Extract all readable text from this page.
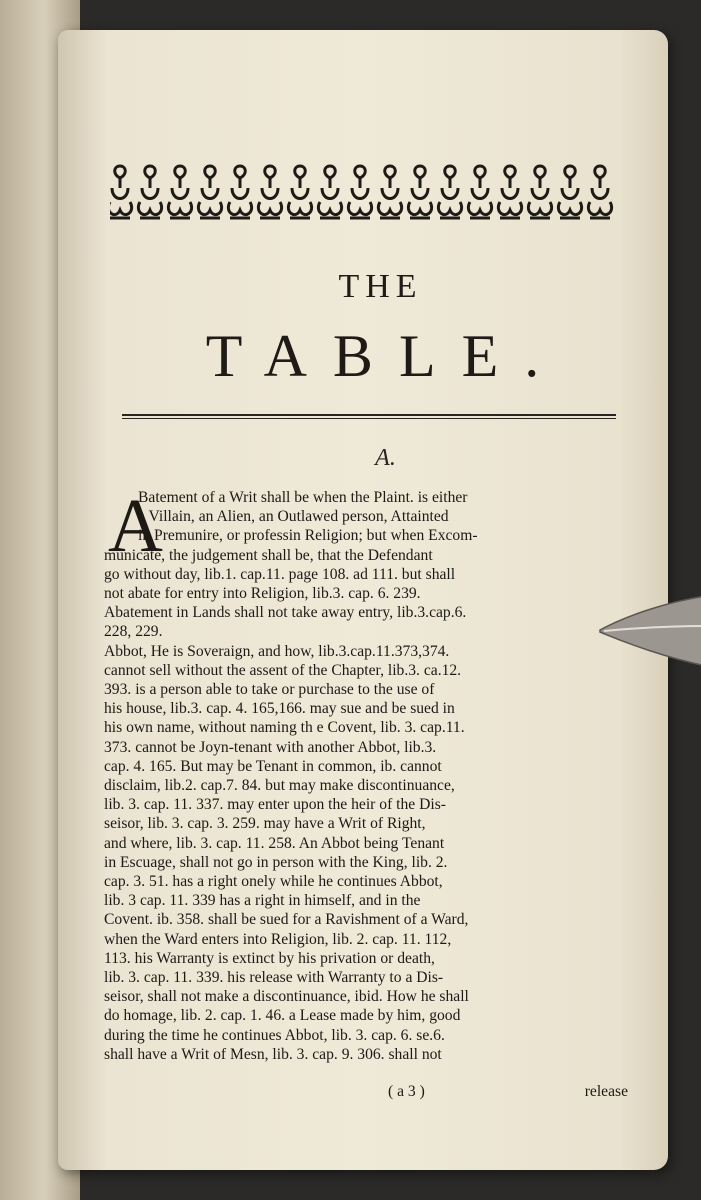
THE
TABLE.
A.
A
Batement of a Writ shall be when the Plaint. is either
a Villain, an Alien, an Outlawed person, Attainted
in Premunire, or professin Religion; but when Excom-
municate, the judgement shall be, that the Defendant
go without day, lib.1. cap.11. page 108. ad 111. but shall
not abate for entry into Religion, lib.3. cap. 6. 239.
Abatement in Lands shall not take away entry, lib.3.cap.6.
228, 229.
Abbot, He is Soveraign, and how, lib.3.cap.11.373,374.
cannot sell without the assent of the Chapter, lib.3. ca.12.
393. is a person able to take or purchase to the use of
his house, lib.3. cap. 4. 165,166. may sue and be sued in
his own name, without naming th e Covent, lib. 3. cap.11.
373. cannot be Joyn-tenant with another Abbot, lib.3.
cap. 4. 165. But may be Tenant in common, ib. cannot
disclaim, lib.2. cap.7. 84. but may make discontinuance,
lib. 3. cap. 11. 337. may enter upon the heir of the Dis-
seisor, lib. 3. cap. 3. 259. may have a Writ of Right,
and where, lib. 3. cap. 11. 258. An Abbot being Tenant
in Escuage, shall not go in person with the King, lib. 2.
cap. 3. 51. has a right onely while he continues Abbot,
lib. 3 cap. 11. 339 has a right in himself, and in the
Covent. ib. 358. shall be sued for a Ravishment of a Ward,
when the Ward enters into Religion, lib. 2. cap. 11. 112,
113. his Warranty is extinct by his privation or death,
lib. 3. cap. 11. 339. his release with Warranty to a Dis-
seisor, shall not make a discontinuance, ibid. How he shall
do homage, lib. 2. cap. 1. 46. a Lease made by him, good
during the time he continues Abbot, lib. 3. cap. 6. se.6.
shall have a Writ of Mesn, lib. 3. cap. 9. 306. shall not
( a 3 )	release
